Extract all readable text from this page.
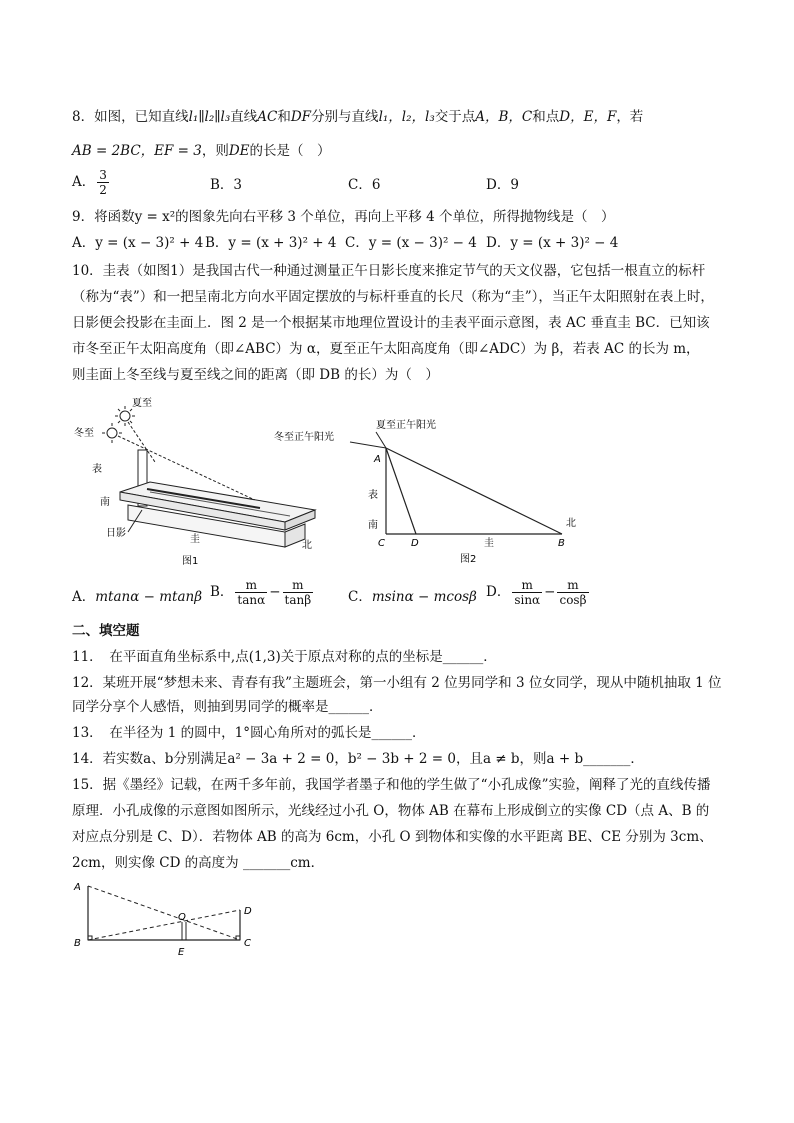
8．如图，已知直线l₁∥l₂∥l₃直线AC和DF分别与直线l₁，l₂，l₃交于点A，B，C和点D，E，F，若
AB = 2BC，EF = 3，则DE的长是（　）
A． $\frac{3}{2}$	B．3	C．6	D．9
9．将函数y = x²的图象先向右平移 3 个单位，再向上平移 4 个单位，所得抛物线是（　）
A．y = (x − 3)² + 4 B．y = (x + 3)² + 4 C．y = (x − 3)² − 4 D．y = (x + 3)² − 4
10．圭表（如图1）是我国古代一种通过测量正午日影长度来推定节气的天文仪器，它包括一根直立的标杆
（称为“表”）和一把呈南北方向水平固定摆放的与标杆垂直的长尺（称为“圭”），当正午太阳照射在表上时，
日影便会投影在圭面上．图 2 是一个根据某市地理位置设计的圭表平面示意图，表 AC 垂直圭 BC．已知该
市冬至正午太阳高度角（即∠ABC）为 α，夏至正午太阳高度角（即∠ADC）为 β，若表 AC 的长为 m，
则圭面上冬至线与夏至线之间的距离（即 DB 的长）为（　）
夏至
冬至
表
南
日影
圭
北
图1
夏至正午阳光
冬至正午阳光
A
C	D	B
表
南
圭
北
图2
A．mtanα − mtanβ B． $\frac{m}{\tan\alpha} - \frac{m}{\tan\beta}$	C．msinα − mcosβ D． $\frac{m}{\sin\alpha} - \frac{m}{\cos\beta}$
二、填空题
11．　在平面直角坐标系中,点(1,3)关于原点对称的点的坐标是______．
12．某班开展“梦想未来、青春有我”主题班会，第一小组有 2 位男同学和 3 位女同学，现从中随机抽取 1 位
同学分享个人感悟，则抽到男同学的概率是______．
13．　在半径为 1 的圆中，1°圆心角所对的弧长是______．
14．若实数a、b分别满足a² − 3a + 2 = 0，b² − 3b + 2 = 0，且a ≠ b，则a + b_______．
15．据《墨经》记载，在两千多年前，我国学者墨子和他的学生做了“小孔成像”实验，阐释了光的直线传播
原理．小孔成像的示意图如图所示，光线经过小孔 O，物体 AB 在幕布上形成倒立的实像 CD（点 A、B 的
对应点分别是 C、D）．若物体 AB 的高为 6cm，小孔 O 到物体和实像的水平距离 BE、CE 分别为 3cm、
2cm，则实像 CD 的高度为 _______cm．
A
B
O
E
D
C
